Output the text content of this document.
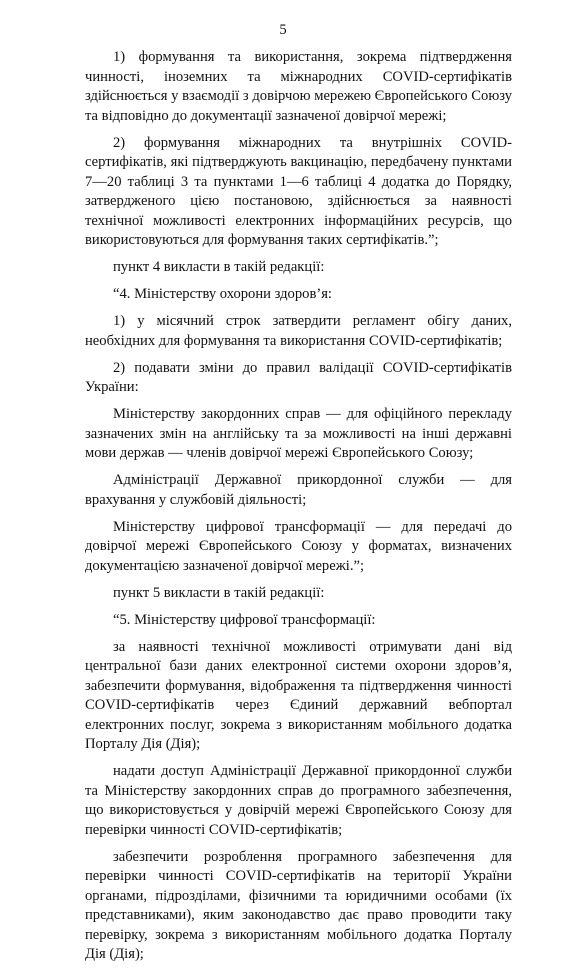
5

1) формування та використання, зокрема підтвердження чинності, іноземних та міжнародних COVID-сертифікатів здійснюється у взаємодії з довірчою мережею Європейського Союзу та відповідно до документації зазначеної довірчої мережі;

2) формування міжнародних та внутрішніх COVID-сертифікатів, які підтверджують вакцинацію, передбачену пунктами 7—20 таблиці 3 та пунктами 1—6 таблиці 4 додатка до Порядку, затвердженого цією постановою, здійснюється за наявності технічної можливості електронних інформаційних ресурсів, що використовуються для формування таких сертифікатів.”;

пункт 4 викласти в такій редакції:

“4. Міністерству охорони здоров’я:

1) у місячний строк затвердити регламент обігу даних, необхідних для формування та використання COVID-сертифікатів;

2) подавати зміни до правил валідації COVID-сертифікатів України:

Міністерству закордонних справ — для офіційного перекладу зазначених змін на англійську та за можливості на інші державні мови держав — членів довірчої мережі Європейського Союзу;

Адміністрації Державної прикордонної служби — для врахування у службовій діяльності;

Міністерству цифрової трансформації — для передачі до довірчої мережі Європейського Союзу у форматах, визначених документацією зазначеної довірчої мережі.”;

пункт 5 викласти в такій редакції:

“5. Міністерству цифрової трансформації:

за наявності технічної можливості отримувати дані від центральної бази даних електронної системи охорони здоров’я, забезпечити формування, відображення та підтвердження чинності COVID-сертифікатів через Єдиний державний вебпортал електронних послуг, зокрема з використанням мобільного додатка Порталу Дія (Дія);

надати доступ Адміністрації Державної прикордонної служби та Міністерству закордонних справ до програмного забезпечення, що використовується у довірчій мережі Європейського Союзу для перевірки чинності COVID-сертифікатів;

забезпечити розроблення програмного забезпечення для перевірки чинності COVID-сертифікатів на території України органами, підрозділами, фізичними та юридичними особами (їх представниками), яким законодавство дає право проводити таку перевірку, зокрема з використанням мобільного додатка Порталу Дія (Дія);
